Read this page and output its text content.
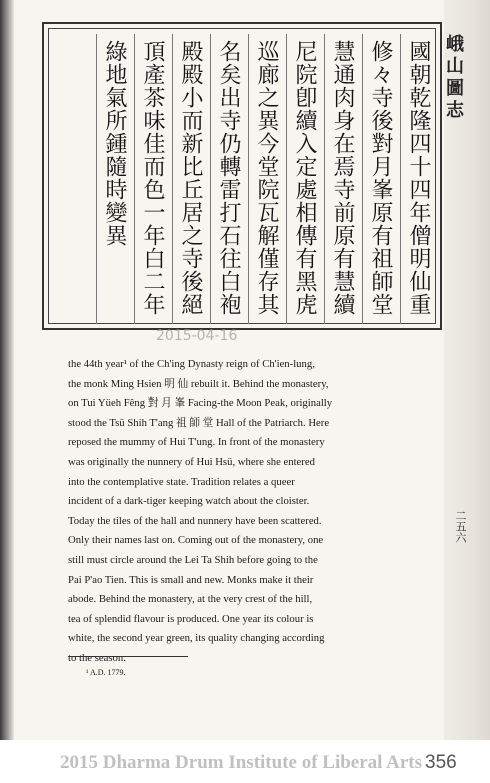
峨山圖志
國朝乾隆四十四年僧明仙重
修々寺後對月峯原有祖師堂
慧通肉身在焉寺前原有慧續
尼院卽續入定處相傳有黑虎
巡廊之異今堂院瓦解僅存其
名矣出寺仍轉雷打石往白袍
殿殿小而新比丘居之寺後絕
頂產茶味佳而色一年白二年
綠地氣所鍾隨時變異
2015-04-16

the 44th year¹ of the Ch'ing Dynasty reign of Ch'ien-lung,

the monk Ming Hsien 明 仙 rebuilt it. Behind the monastery,

on Tui Yüeh Fêng 對 月 峯 Facing-the Moon Peak, originally

stood the Tsü Shih T'ang 祖 師 堂 Hall of the Patriarch. Here

reposed the mummy of Hui T'ung. In front of the monastery

was originally the nunnery of Hui Hsü, where she entered

into the contemplative state. Tradition relates a queer

incident of a dark-tiger keeping watch about the cloister.

Today the tiles of the hall and nunnery have been scattered.

Only their names last on. Coming out of the monastery, one

still must circle around the Lei Ta Shih before going to the

Pai P'ao Tien. This is small and new. Monks make it their

abode. Behind the monastery, at the very crest of the hill,

tea of splendid flavour is produced. One year its colour is

white, the second year green, its quality changing according

to the season.

¹ A.D. 1779.
二五六
2015 Dharma Drum Institute of Liberal Arts 356
